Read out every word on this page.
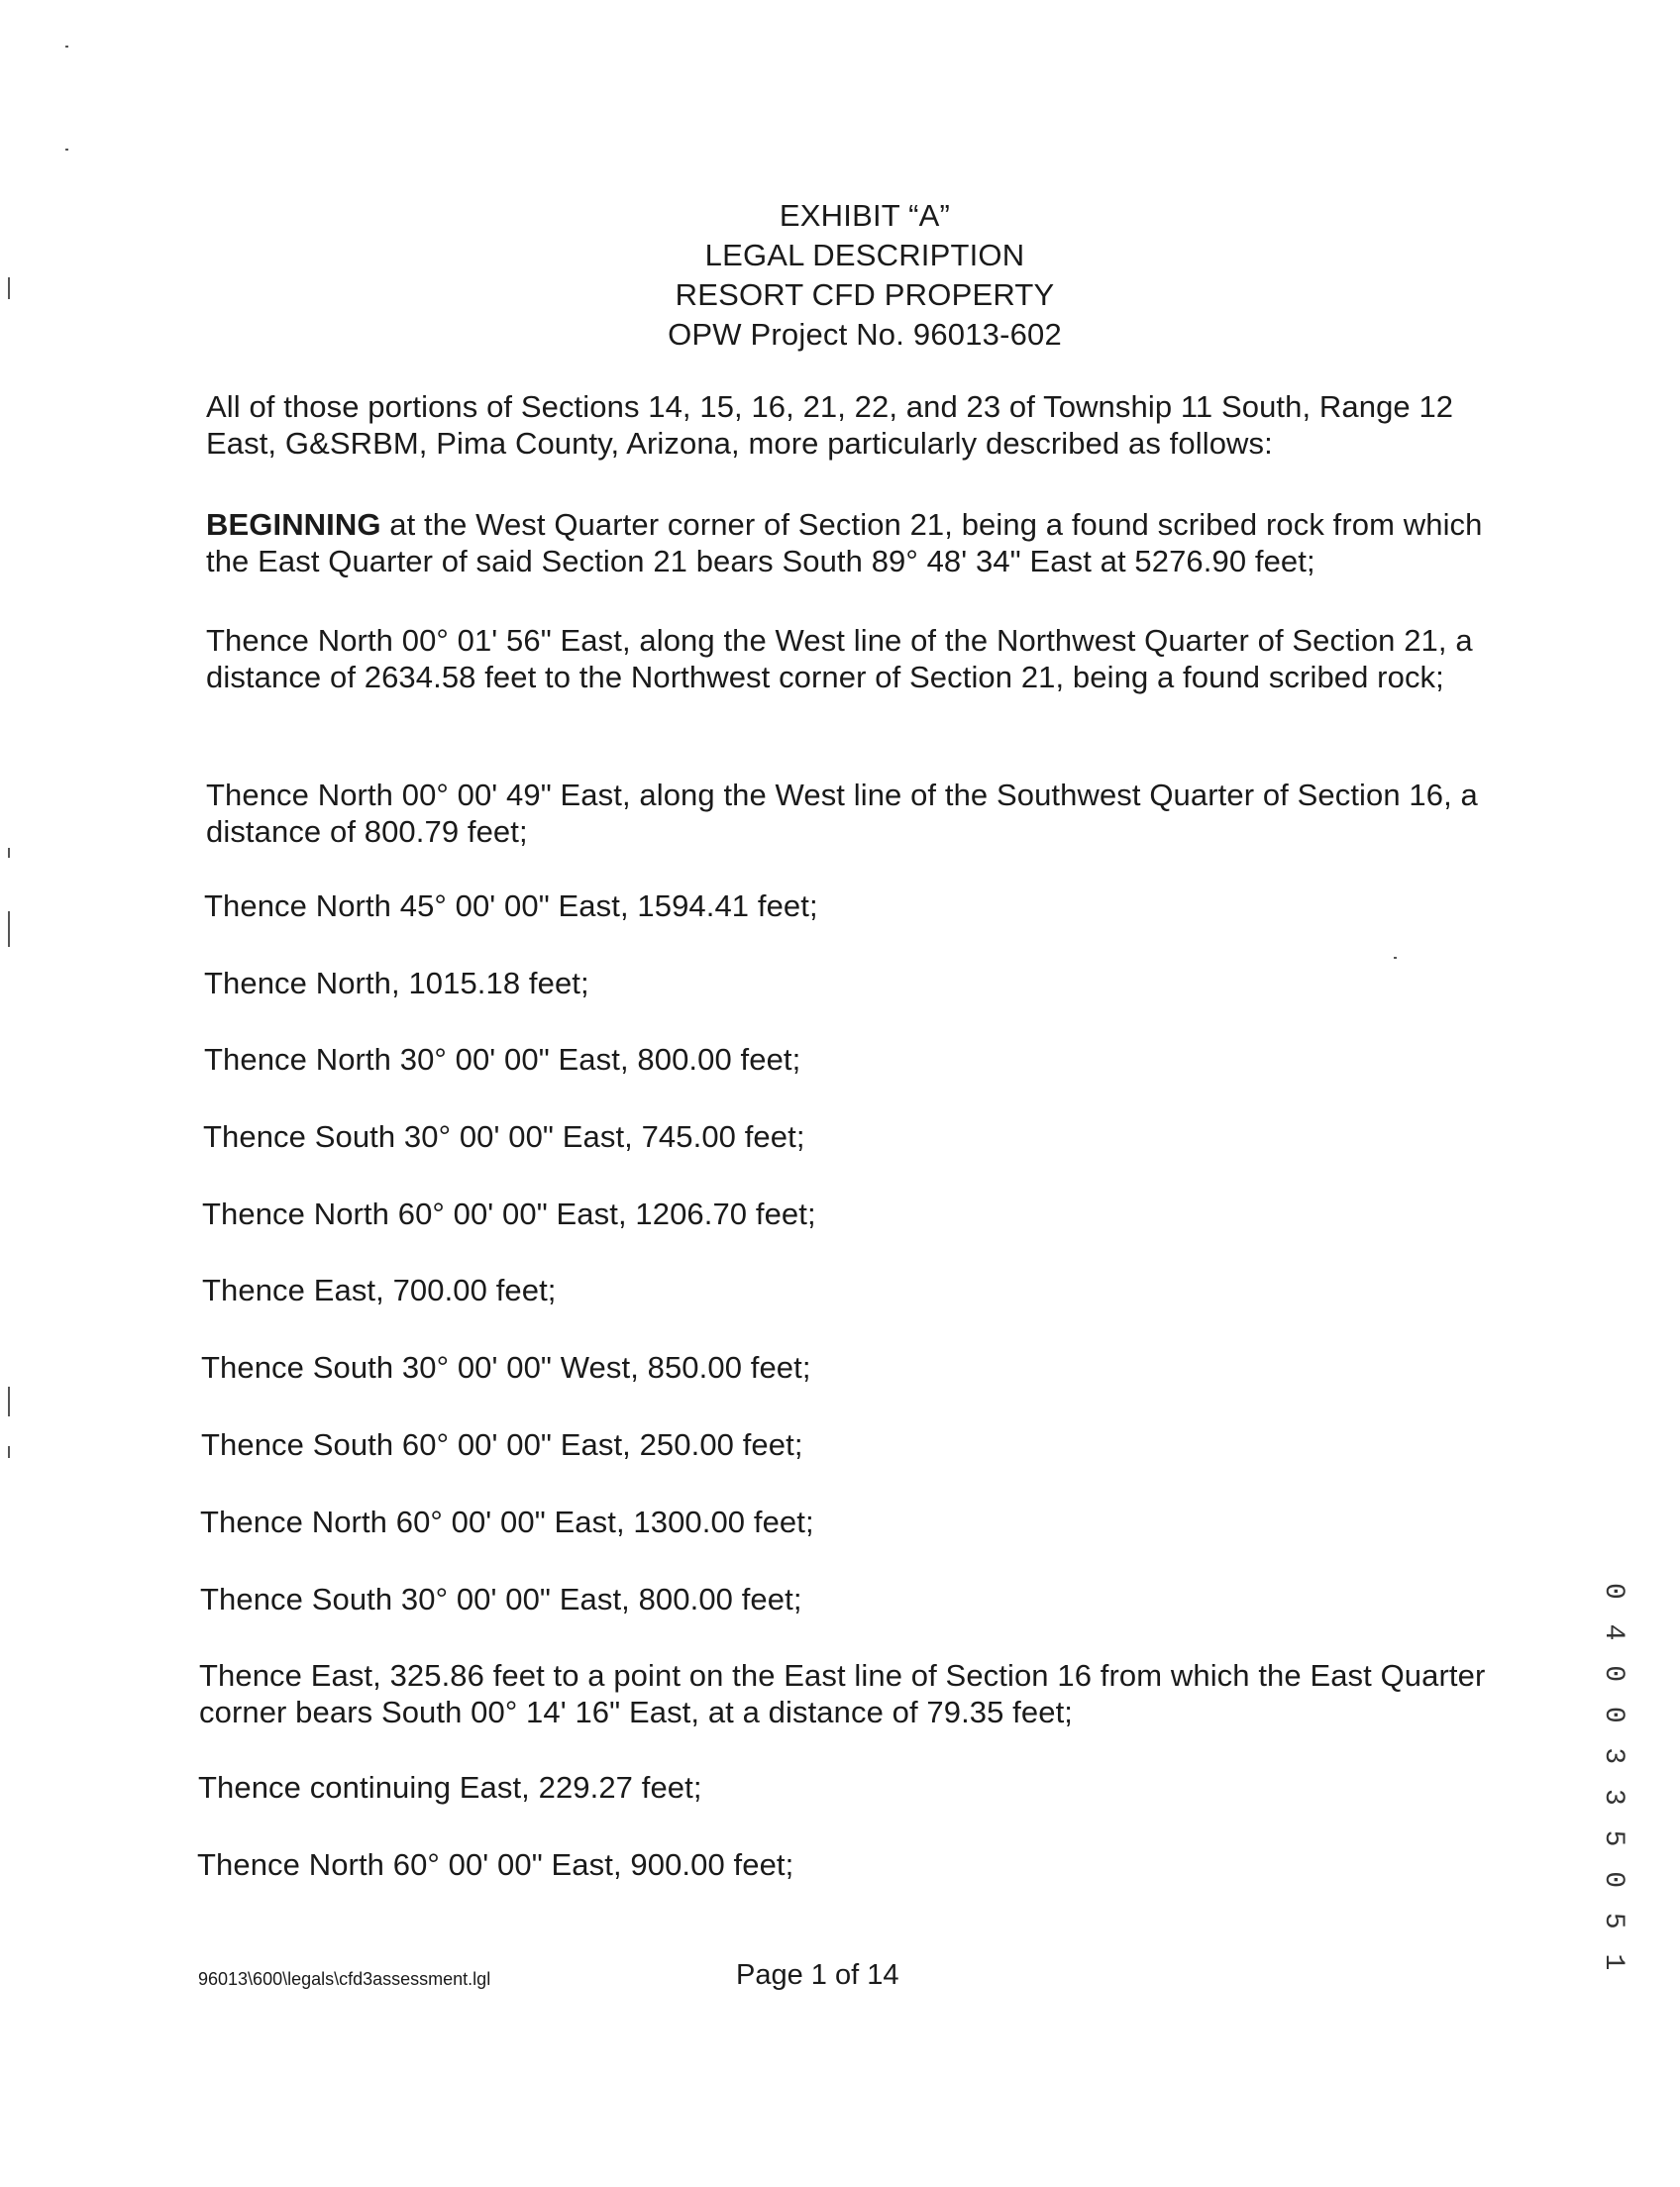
EXHIBIT “A”
LEGAL DESCRIPTION
RESORT CFD PROPERTY
OPW Project No. 96013-602
All of those portions of Sections 14, 15, 16, 21, 22, and 23 of Township 11 South, Range 12 East, G&SRBM, Pima County, Arizona, more particularly described as follows:
BEGINNING at the West Quarter corner of Section 21, being a found scribed rock from which the East Quarter of said Section 21 bears South 89° 48' 34" East at 5276.90 feet;
Thence North 00° 01' 56" East, along the West line of the Northwest Quarter of Section 21, a distance of 2634.58 feet to the Northwest corner of Section 21, being a found scribed rock;
Thence North 00° 00' 49" East, along the West line of the Southwest Quarter of Section 16, a distance of 800.79 feet;
Thence North 45° 00' 00" East, 1594.41 feet;
Thence North, 1015.18 feet;
Thence North 30° 00' 00" East, 800.00 feet;
Thence South 30° 00' 00" East, 745.00 feet;
Thence North 60° 00' 00" East, 1206.70 feet;
Thence East, 700.00 feet;
Thence South 30° 00' 00" West, 850.00 feet;
Thence South 60° 00' 00" East, 250.00 feet;
Thence North 60° 00' 00" East, 1300.00 feet;
Thence South 30° 00' 00" East, 800.00 feet;
Thence East, 325.86 feet to a point on the East line of Section 16 from which the East Quarter corner bears South 00° 14' 16" East, at a distance of 79.35 feet;
Thence continuing East, 229.27 feet;
Thence North 60° 00' 00" East, 900.00 feet;
96013\600\legals\cfd3assessment.lgl	Page 1 of 14
0 4 0 0 3 3 5 0 5 1
